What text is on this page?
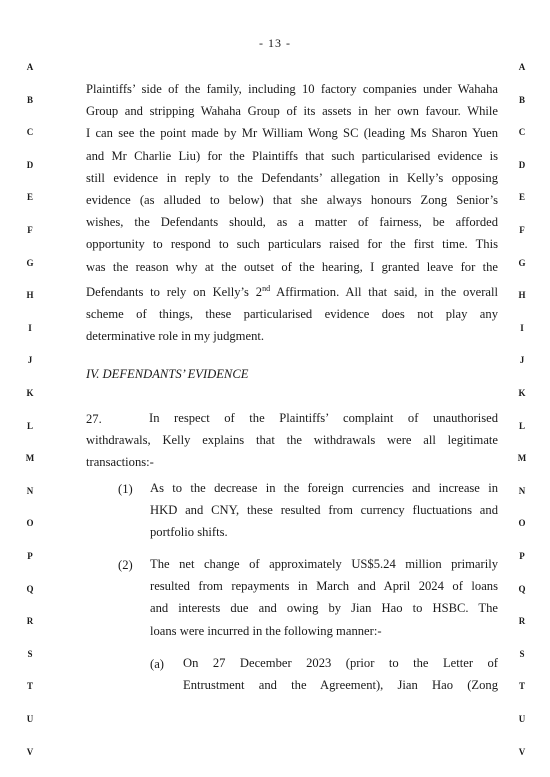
- 13 -
A	A
B	B
C	C
D	D
E	E
F	F
G	G
H	H
I	I
J	J
K	K
L	L
M	M
N	N
O	O
P	P
Q	Q
R	R
S	S
T	T
U	U
V	V
Plaintiffs’ side of the family, including 10 factory companies under Wahaha
Group and stripping Wahaha Group of its assets in her own favour. While
I can see the point made by Mr William Wong SC (leading Ms Sharon Yuen
and Mr Charlie Liu) for the Plaintiffs that such particularised evidence is
still evidence in reply to the Defendants’ allegation in Kelly’s opposing
evidence (as alluded to below) that she always honours Zong Senior’s
wishes, the Defendants should, as a matter of fairness, be afforded
opportunity to respond to such particulars raised for the first time. This
was the reason why at the outset of the hearing, I granted leave for the
Defendants to rely on Kelly’s 2nd Affirmation. All that said, in the overall
scheme of things, these particularised evidence does not play any
determinative role in my judgment.
IV. DEFENDANTS’ EVIDENCE
27.	In respect of the Plaintiffs’ complaint of unauthorised
withdrawals, Kelly explains that the withdrawals were all legitimate
transactions:-
(1) As to the decrease in the foreign currencies and increase in
HKD and CNY, these resulted from currency fluctuations and
portfolio shifts.
(2) The net change of approximately US$5.24 million primarily
resulted from repayments in March and April 2024 of loans
and interests due and owing by Jian Hao to HSBC. The
loans were incurred in the following manner:-
(a) On 27 December 2023 (prior to the Letter of
Entrustment and the Agreement), Jian Hao (Zong
